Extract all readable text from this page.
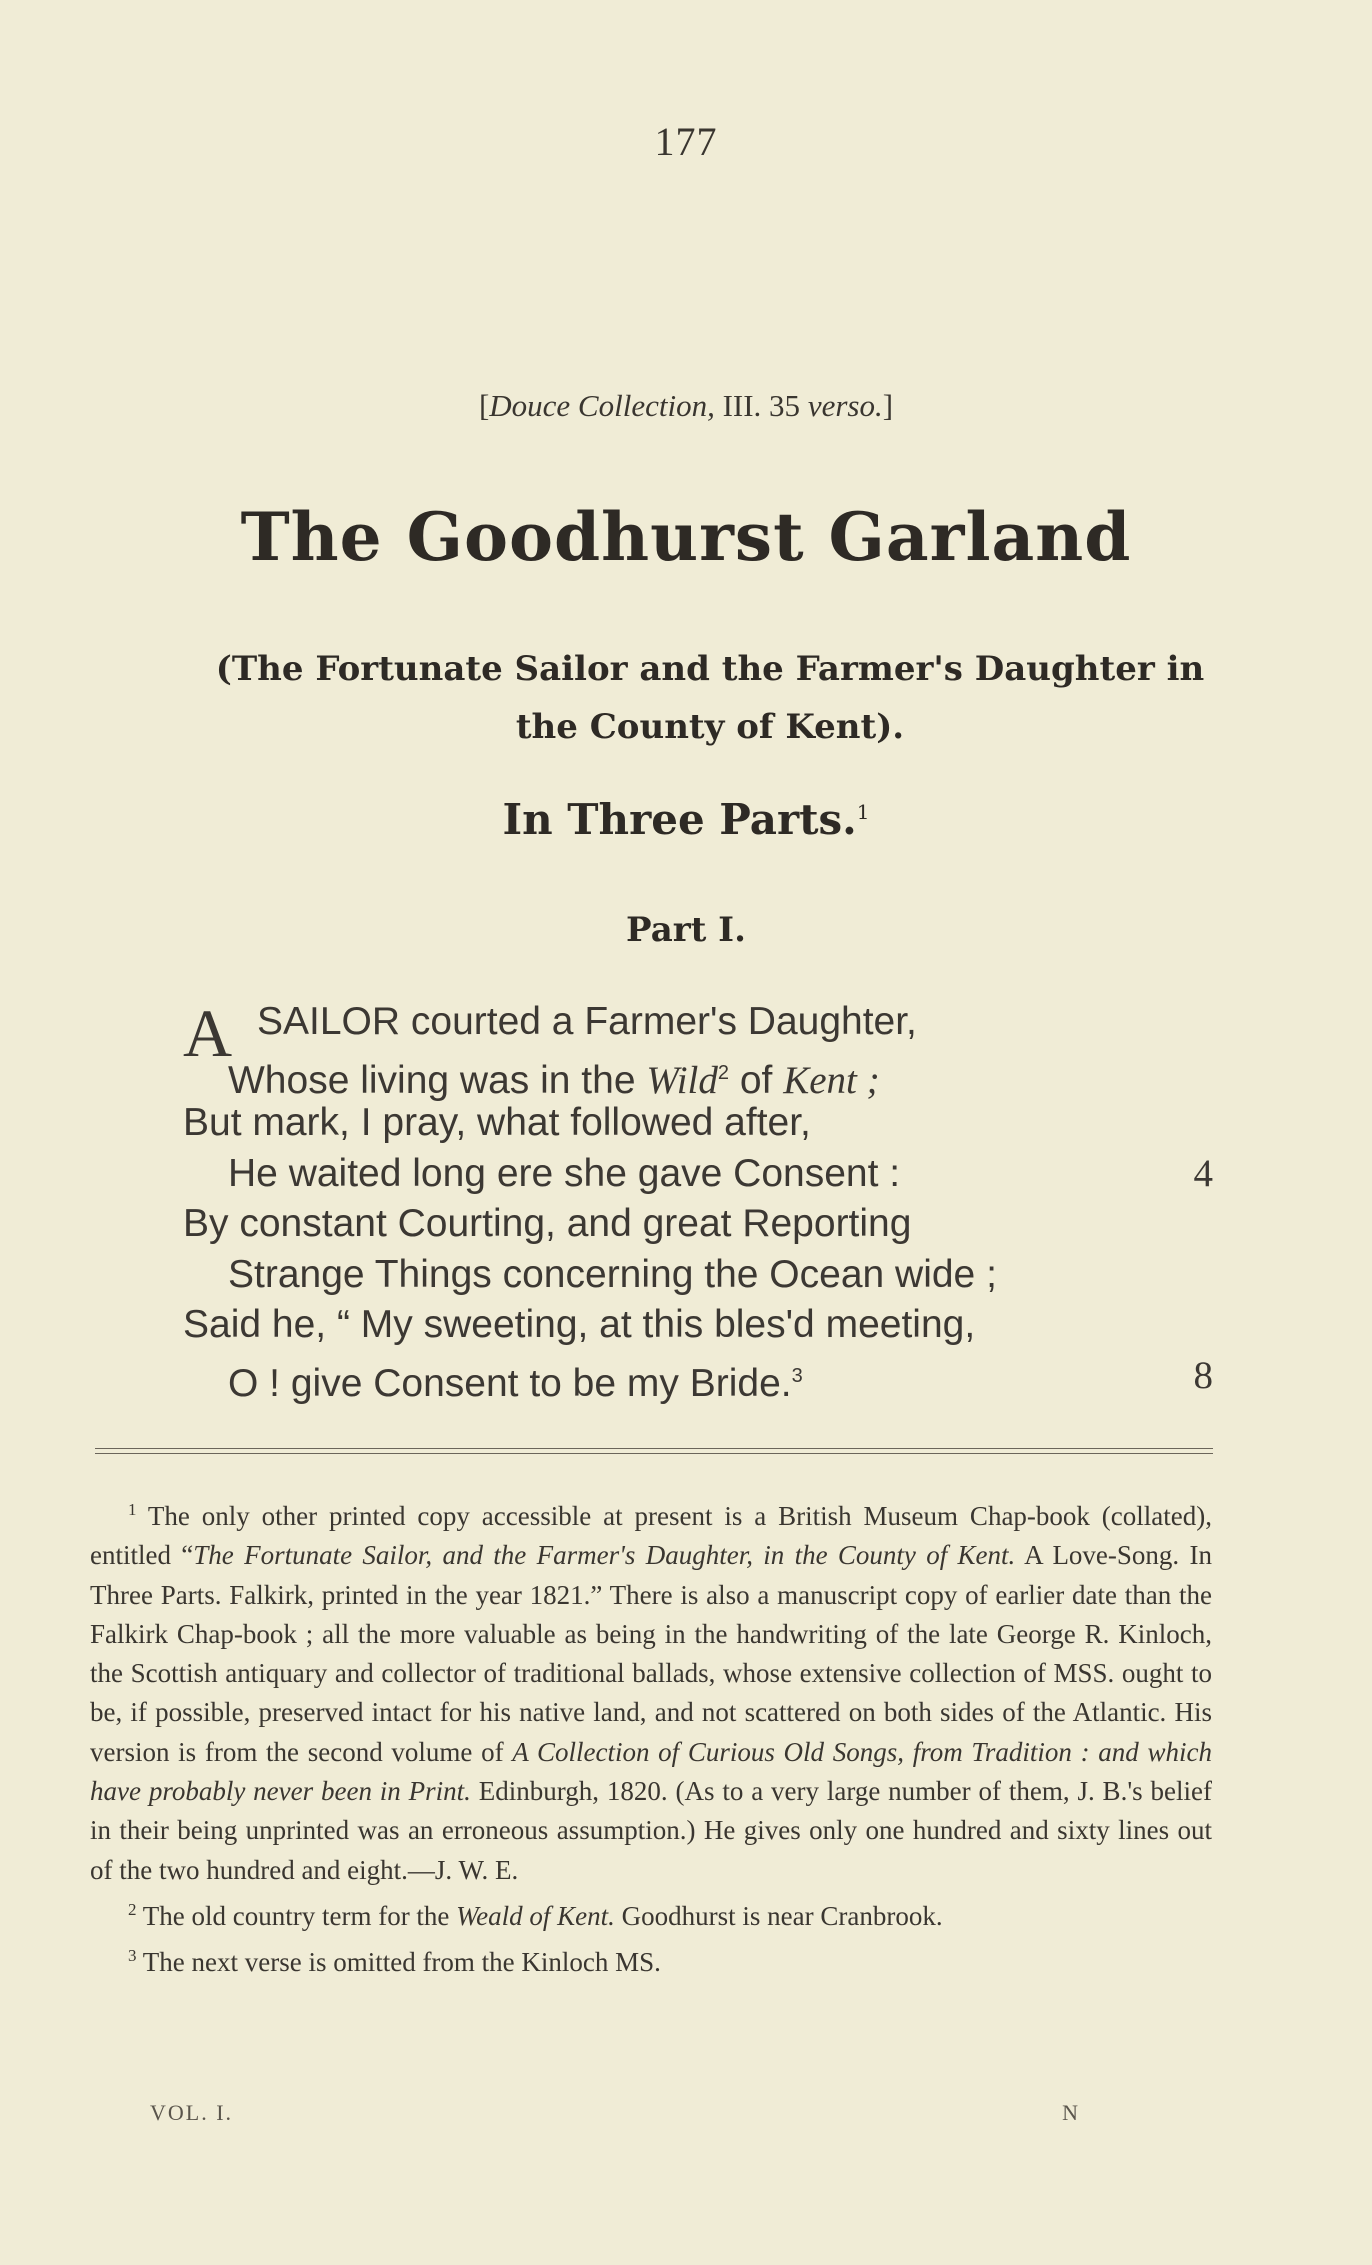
177
[Douce Collection, III. 35 verso.]
The Goodhurst Garland
(The Fortunate Sailor and the Farmer's Daughter in the County of Kent).
In Three Parts.$^1$
Part I.
A SAILOR courted a Farmer's Daughter,
Whose living was in the Wild$^2$ of Kent ;
But mark, I pray, what followed after,
He waited long ere she gave Consent :	4
By constant Courting, and great Reporting
Strange Things concerning the Ocean wide ;
Said he, “ My sweeting, at this bles'd meeting,
O ! give Consent to be my Bride.$^3$	8

$^1$ The only other printed copy accessible at present is a British Museum Chap-book (collated), entitled “The Fortunate Sailor, and the Farmer's Daughter, in the County of Kent. A Love-Song. In Three Parts. Falkirk, printed in the year 1821.” There is also a manuscript copy of earlier date than the Falkirk Chap-book ; all the more valuable as being in the handwriting of the late George R. Kinloch, the Scottish antiquary and collector of traditional ballads, whose extensive collection of MSS. ought to be, if possible, preserved intact for his native land, and not scattered on both sides of the Atlantic. His version is from the second volume of A Collection of Curious Old Songs, from Tradition : and which have probably never been in Print. Edinburgh, 1820. (As to a very large number of them, J. B.'s belief in their being unprinted was an erroneous assumption.) He gives only one hundred and sixty lines out of the two hundred and eight.—J. W. E.

$^2$ The old country term for the Weald of Kent. Goodhurst is near Cranbrook.

$^3$ The next verse is omitted from the Kinloch MS.

VOL. I.	N
